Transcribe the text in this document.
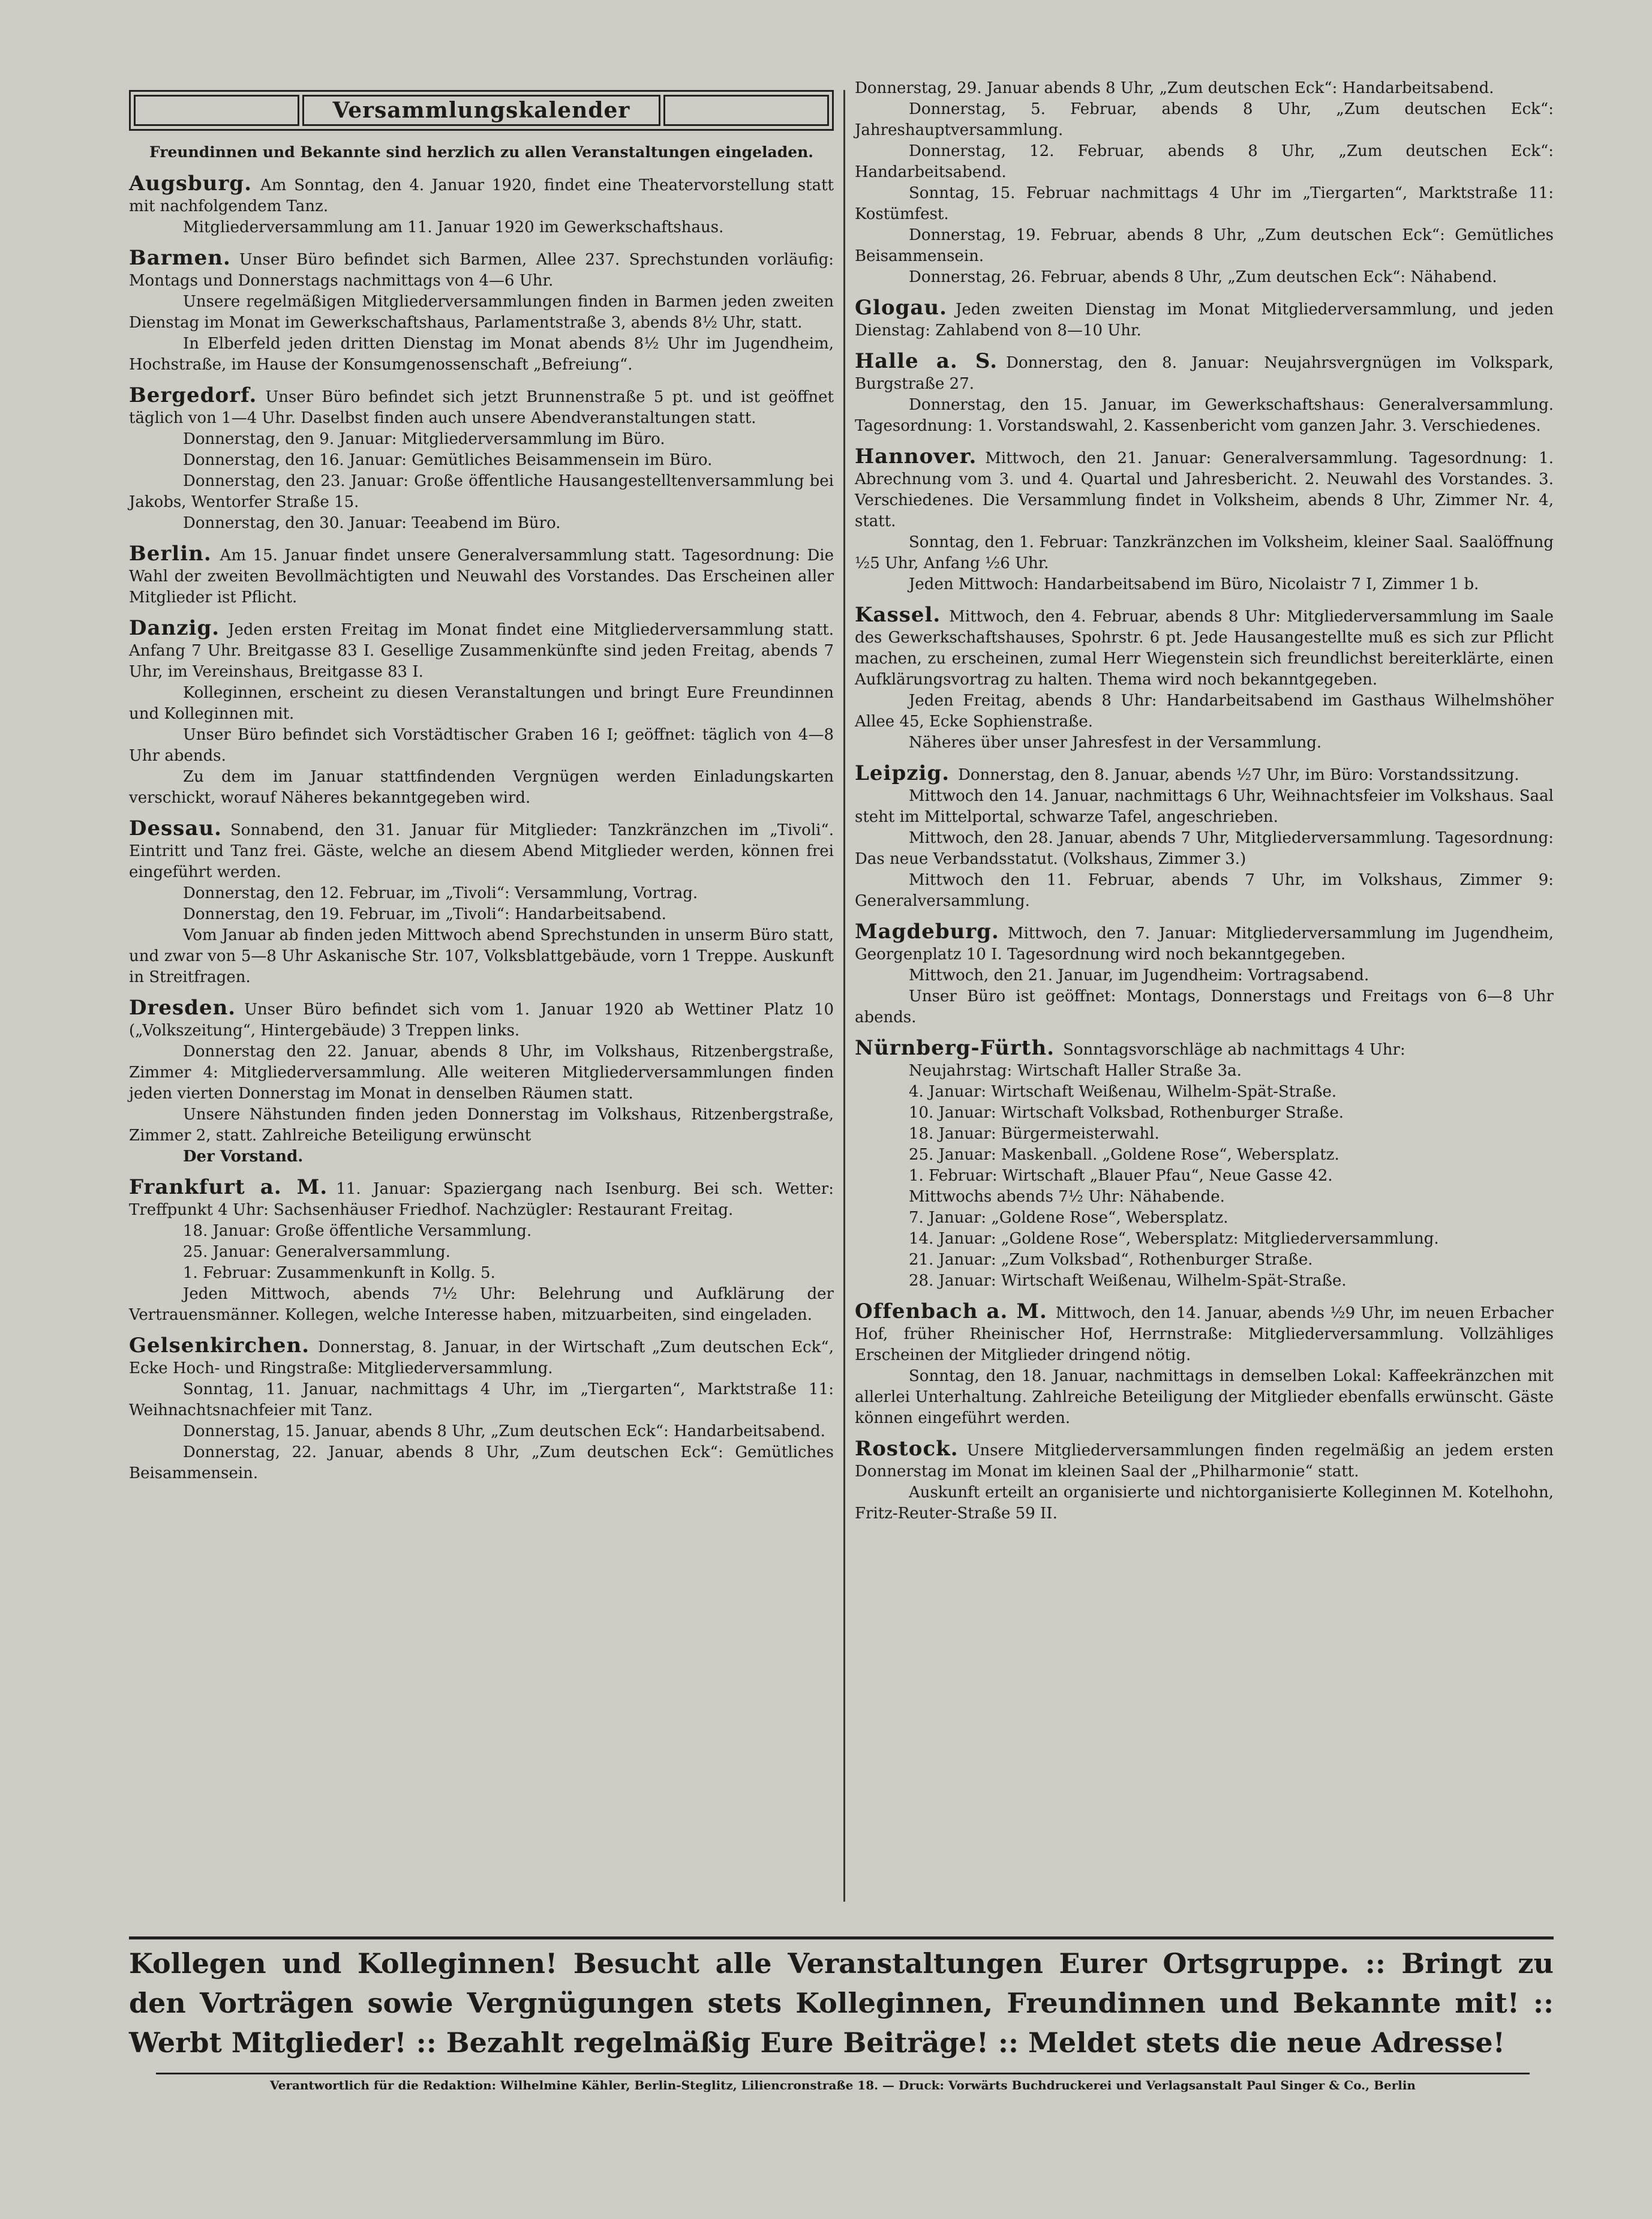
Versammlungskalender
Freundinnen und Bekannte sind herzlich zu allen Veranstaltungen eingeladen.

Augsburg. Am Sonntag, den 4. Januar 1920, findet eine Theatervorstellung statt mit nachfolgendem Tanz.

Mitgliederversammlung am 11. Januar 1920 im Gewerkschaftshaus.

Barmen. Unser Büro befindet sich Barmen, Allee 237. Sprechstunden vorläufig: Montags und Donnerstags nachmittags von 4—6 Uhr.

Unsere regelmäßigen Mitgliederversammlungen finden in Barmen jeden zweiten Dienstag im Monat im Gewerkschaftshaus, Parlamentstraße 3, abends 8½ Uhr, statt.

In Elberfeld jeden dritten Dienstag im Monat abends 8½ Uhr im Jugendheim, Hochstraße, im Hause der Konsumgenossenschaft „Befreiung“.

Bergedorf. Unser Büro befindet sich jetzt Brunnenstraße 5 pt. und ist geöffnet täglich von 1—4 Uhr. Daselbst finden auch unsere Abendveranstaltungen statt.

Donnerstag, den 9. Januar: Mitgliederversammlung im Büro.

Donnerstag, den 16. Januar: Gemütliches Beisammensein im Büro.

Donnerstag, den 23. Januar: Große öffentliche Hausangestelltenversammlung bei Jakobs, Wentorfer Straße 15.

Donnerstag, den 30. Januar: Teeabend im Büro.

Berlin. Am 15. Januar findet unsere Generalversammlung statt. Tagesordnung: Die Wahl der zweiten Bevollmächtigten und Neuwahl des Vorstandes. Das Erscheinen aller Mitglieder ist Pflicht.

Danzig. Jeden ersten Freitag im Monat findet eine Mitgliederversammlung statt. Anfang 7 Uhr. Breitgasse 83 I. Gesellige Zusammenkünfte sind jeden Freitag, abends 7 Uhr, im Vereinshaus, Breitgasse 83 I.

Kolleginnen, erscheint zu diesen Veranstaltungen und bringt Eure Freundinnen und Kolleginnen mit.

Unser Büro befindet sich Vorstädtischer Graben 16 I; geöffnet: täglich von 4—8 Uhr abends.

Zu dem im Januar stattfindenden Vergnügen werden Einladungskarten verschickt, worauf Näheres bekanntgegeben wird.

Dessau. Sonnabend, den 31. Januar für Mitglieder: Tanzkränzchen im „Tivoli“. Eintritt und Tanz frei. Gäste, welche an diesem Abend Mitglieder werden, können frei eingeführt werden.

Donnerstag, den 12. Februar, im „Tivoli“: Versammlung, Vortrag.

Donnerstag, den 19. Februar, im „Tivoli“: Handarbeitsabend.

Vom Januar ab finden jeden Mittwoch abend Sprechstunden in unserm Büro statt, und zwar von 5—8 Uhr Askanische Str. 107, Volksblattgebäude, vorn 1 Treppe. Auskunft in Streitfragen.

Dresden. Unser Büro befindet sich vom 1. Januar 1920 ab Wettiner Platz 10 („Volkszeitung“, Hintergebäude) 3 Treppen links.

Donnerstag den 22. Januar, abends 8 Uhr, im Volkshaus, Ritzenbergstraße, Zimmer 4: Mitgliederversammlung. Alle weiteren Mitgliederversammlungen finden jeden vierten Donnerstag im Monat in denselben Räumen statt.

Unsere Nähstunden finden jeden Donnerstag im Volkshaus, Ritzenbergstraße, Zimmer 2, statt. Zahlreiche Beteiligung erwünscht

Der Vorstand.

Frankfurt a. M. 11. Januar: Spaziergang nach Isenburg. Bei sch. Wetter: Treffpunkt 4 Uhr: Sachsenhäuser Friedhof. Nachzügler: Restaurant Freitag.

18. Januar: Große öffentliche Versammlung.

25. Januar: Generalversammlung.

1. Februar: Zusammenkunft in Kollg. 5.

Jeden Mittwoch, abends 7½ Uhr: Belehrung und Aufklärung der Vertrauensmänner. Kollegen, welche Interesse haben, mitzuarbeiten, sind eingeladen.

Gelsenkirchen. Donnerstag, 8. Januar, in der Wirtschaft „Zum deutschen Eck“, Ecke Hoch- und Ringstraße: Mitgliederversammlung.

Sonntag, 11. Januar, nachmittags 4 Uhr, im „Tiergarten“, Marktstraße 11: Weihnachtsnachfeier mit Tanz.

Donnerstag, 15. Januar, abends 8 Uhr, „Zum deutschen Eck“: Handarbeitsabend.

Donnerstag, 22. Januar, abends 8 Uhr, „Zum deutschen Eck“: Gemütliches Beisammensein.

Donnerstag, 29. Januar abends 8 Uhr, „Zum deutschen Eck“: Handarbeitsabend.

Donnerstag, 5. Februar, abends 8 Uhr, „Zum deutschen Eck“: Jahreshauptversammlung.

Donnerstag, 12. Februar, abends 8 Uhr, „Zum deutschen Eck“: Handarbeitsabend.

Sonntag, 15. Februar nachmittags 4 Uhr im „Tiergarten“, Marktstraße 11: Kostümfest.

Donnerstag, 19. Februar, abends 8 Uhr, „Zum deutschen Eck“: Gemütliches Beisammensein.

Donnerstag, 26. Februar, abends 8 Uhr, „Zum deutschen Eck“: Nähabend.

Glogau. Jeden zweiten Dienstag im Monat Mitgliederversammlung, und jeden Dienstag: Zahlabend von 8—10 Uhr.

Halle a. S. Donnerstag, den 8. Januar: Neujahrsvergnügen im Volkspark, Burgstraße 27.

Donnerstag, den 15. Januar, im Gewerkschaftshaus: Generalversammlung. Tagesordnung: 1. Vorstandswahl, 2. Kassenbericht vom ganzen Jahr. 3. Verschiedenes.

Hannover. Mittwoch, den 21. Januar: Generalversammlung. Tagesordnung: 1. Abrechnung vom 3. und 4. Quartal und Jahresbericht. 2. Neuwahl des Vorstandes. 3. Verschiedenes. Die Versammlung findet in Volksheim, abends 8 Uhr, Zimmer Nr. 4, statt.

Sonntag, den 1. Februar: Tanzkränzchen im Volksheim, kleiner Saal. Saalöffnung ½5 Uhr, Anfang ½6 Uhr.

Jeden Mittwoch: Handarbeitsabend im Büro, Nicolaistr 7 I, Zimmer 1 b.

Kassel. Mittwoch, den 4. Februar, abends 8 Uhr: Mitgliederversammlung im Saale des Gewerkschaftshauses, Spohrstr. 6 pt. Jede Hausangestellte muß es sich zur Pflicht machen, zu erscheinen, zumal Herr Wiegenstein sich freundlichst bereiterklärte, einen Aufklärungsvortrag zu halten. Thema wird noch bekanntgegeben.

Jeden Freitag, abends 8 Uhr: Handarbeitsabend im Gasthaus Wilhelmshöher Allee 45, Ecke Sophienstraße.

Näheres über unser Jahresfest in der Versammlung.

Leipzig. Donnerstag, den 8. Januar, abends ½7 Uhr, im Büro: Vorstandssitzung.

Mittwoch den 14. Januar, nachmittags 6 Uhr, Weihnachtsfeier im Volkshaus. Saal steht im Mittelportal, schwarze Tafel, angeschrieben.

Mittwoch, den 28. Januar, abends 7 Uhr, Mitgliederversammlung. Tagesordnung: Das neue Verbandsstatut. (Volkshaus, Zimmer 3.)

Mittwoch den 11. Februar, abends 7 Uhr, im Volkshaus, Zimmer 9: Generalversammlung.

Magdeburg. Mittwoch, den 7. Januar: Mitgliederversammlung im Jugendheim, Georgenplatz 10 I. Tagesordnung wird noch bekanntgegeben.

Mittwoch, den 21. Januar, im Jugendheim: Vortragsabend.

Unser Büro ist geöffnet: Montags, Donnerstags und Freitags von 6—8 Uhr abends.

Nürnberg-Fürth. Sonntagsvorschläge ab nachmittags 4 Uhr:

Neujahrstag: Wirtschaft Haller Straße 3a.

4. Januar: Wirtschaft Weißenau, Wilhelm-Spät-Straße.

10. Januar: Wirtschaft Volksbad, Rothenburger Straße.

18. Januar: Bürgermeisterwahl.

25. Januar: Maskenball. „Goldene Rose“, Webersplatz.

1. Februar: Wirtschaft „Blauer Pfau“, Neue Gasse 42.

Mittwochs abends 7½ Uhr: Nähabende.

7. Januar: „Goldene Rose“, Webersplatz.

14. Januar: „Goldene Rose“, Webersplatz: Mitgliederversammlung.

21. Januar: „Zum Volksbad“, Rothenburger Straße.

28. Januar: Wirtschaft Weißenau, Wilhelm-Spät-Straße.

Offenbach a. M. Mittwoch, den 14. Januar, abends ½9 Uhr, im neuen Erbacher Hof, früher Rheinischer Hof, Herrnstraße: Mitgliederversammlung. Vollzähliges Erscheinen der Mitglieder dringend nötig.

Sonntag, den 18. Januar, nachmittags in demselben Lokal: Kaffeekränzchen mit allerlei Unterhaltung. Zahlreiche Beteiligung der Mitglieder ebenfalls erwünscht. Gäste können eingeführt werden.

Rostock. Unsere Mitgliederversammlungen finden regelmäßig an jedem ersten Donnerstag im Monat im kleinen Saal der „Philharmonie“ statt.

Auskunft erteilt an organisierte und nichtorganisierte Kolleginnen M. Kotelhohn, Fritz-Reuter-Straße 59 II.

Kollegen und Kolleginnen! Besucht alle Veranstaltungen Eurer Ortsgruppe. :: Bringt zu den Vorträgen sowie Vergnügungen stets Kolleginnen, Freundinnen und Bekannte mit! :: Werbt Mitglieder! :: Bezahlt regelmäßig Eure Beiträge! :: Meldet stets die neue Adresse!
Verantwortlich für die Redaktion: Wilhelmine Kähler, Berlin-Steglitz, Liliencronstraße 18. — Druck: Vorwärts Buchdruckerei und Verlagsanstalt Paul Singer & Co., Berlin
